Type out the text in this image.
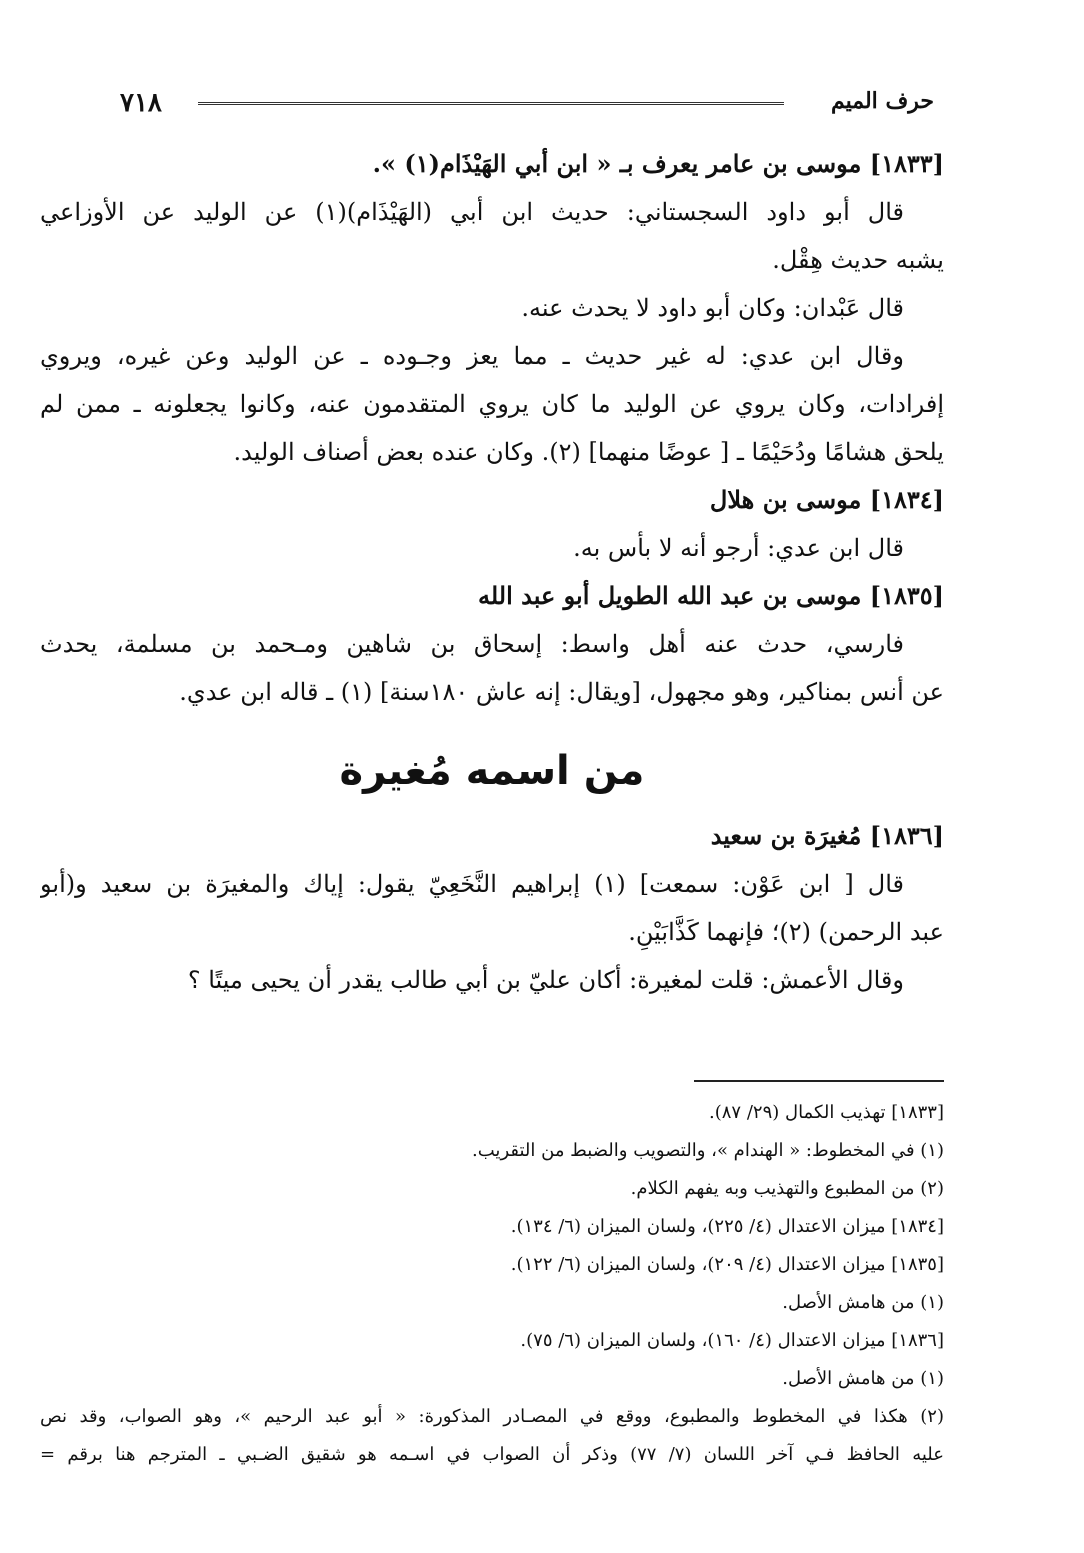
حرف الميم
٧١٨
[١٨٣٣] موسى بن عامر يعرف بـ « ابن أبي الهَيْذَام(١) ».
قال أبو داود السجستاني: حديث ابن أبي (الهَيْذَام)(١) عن الوليد عن الأوزاعي
يشبه حديث هِقْل.
قال عَبْدان: وكان أبو داود لا يحدث عنه.
وقال ابن عدي: له غير حديث ـ مما يعز وجـوده ـ عن الوليد وعن غيره، ويروي
إفرادات، وكان يروي عن الوليد ما كان يروي المتقدمون عنه، وكانوا يجعلونه ـ ممن لم
يلحق هشامًا ودُحَيْمًا ـ [ عوضًا منهما] (٢). وكان عنده بعض أصناف الوليد.
[١٨٣٤] موسى بن هلال
قال ابن عدي: أرجو أنه لا بأس به.
[١٨٣٥] موسى بن عبد الله الطويل أبو عبد الله
فارسي، حدث عنه أهل واسط: إسحاق بن شاهين ومـحمد بن مسلمة، يحدث
عن أنس بمناكير، وهو مجهول، [ويقال: إنه عاش ١٨٠سنة] (١) ـ قاله ابن عدي.
من اسمه مُغيرة
[١٨٣٦] مُغيرَة بن سعيد
قال [ ابن عَوْن: سمعت] (١) إبراهيم النَّخَعِيّ يقول: إياك والمغيرَة بن سعيد و(أبو
عبد الرحمن) (٢)؛ فإنهما كَذَّابَيْنِ.
وقال الأعمش: قلت لمغيرة: أكان عليّ بن أبي طالب يقدر أن يحيى ميتًا ؟
[١٨٣٣] تهذيب الكمال (٢٩/ ٨٧).
(١) في المخطوط: « الهندام »، والتصويب والضبط من التقريب.
(٢) من المطبوع والتهذيب وبه يفهم الكلام.
[١٨٣٤] ميزان الاعتدال (٤/ ٢٢٥)، ولسان الميزان (٦/ ١٣٤).
[١٨٣٥] ميزان الاعتدال (٤/ ٢٠٩)، ولسان الميزان (٦/ ١٢٢).
(١) من هامش الأصل.
[١٨٣٦] ميزان الاعتدال (٤/ ١٦٠)، ولسان الميزان (٦/ ٧٥).
(١) من هامش الأصل.
(٢) هكذا في المخطوط والمطبوع، ووقع في المصـادر المذكورة: « أبو عبد الرحيم »، وهو الصواب، وقد نص
عليه الحافظ فـي آخر اللسان (٧/ ٧٧) وذكر أن الصواب في اسـمه هو شقيق الضـبي ـ المترجم هنا برقم =
